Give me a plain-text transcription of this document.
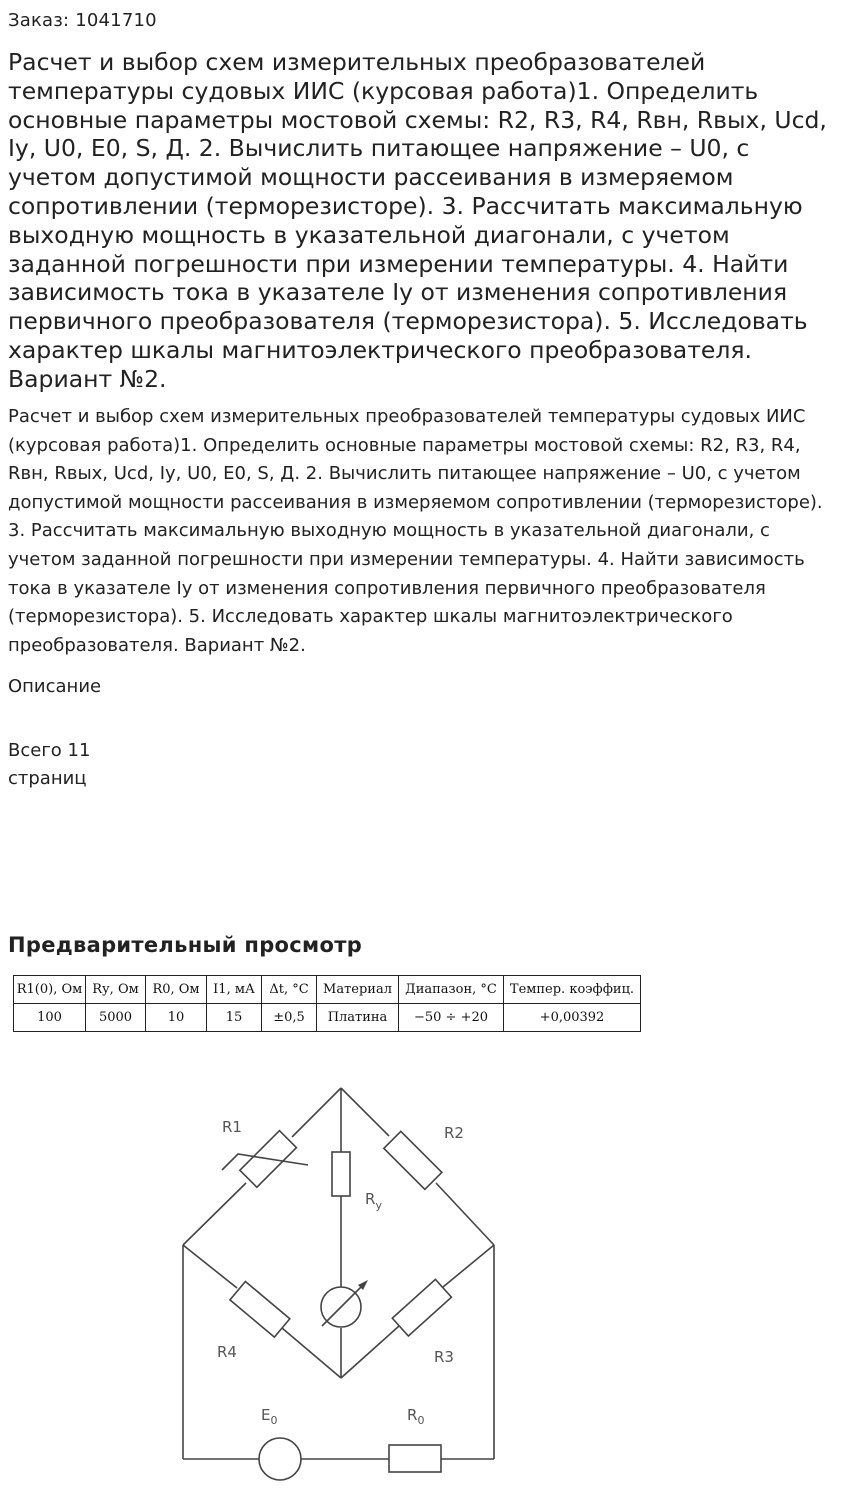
Заказ: 1041710
Расчет и выбор схем измерительных преобразователей температуры судовых ИИС (курсовая работа)1. Определить основные параметры мостовой схемы: R2, R3, R4, Rвн, Rвых, Ucd, Iу, U0, E0, S, Д. 2. Вычислить питающее напряжение – U0, с учетом допустимой мощности рассеивания в измеряемом сопротивлении (терморезисторе). 3. Рассчитать максимальную выходную мощность в указательной диагонали, с учетом заданной погрешности при измерении температуры. 4. Найти зависимость тока в указателе Iу от изменения сопротивления первичного преобразователя (терморезистора). 5. Исследовать характер шкалы магнитоэлектрического преобразователя. Вариант №2.

Расчет и выбор схем измерительных преобразователей температуры судовых ИИС (курсовая работа)1. Определить основные параметры мостовой схемы: R2, R3, R4, Rвн, Rвых, Ucd, Iу, U0, E0, S, Д. 2. Вычислить питающее напряжение – U0, с учетом допустимой мощности рассеивания в измеряемом сопротивлении (терморезисторе). 3. Рассчитать максимальную выходную мощность в указательной диагонали, с учетом заданной погрешности при измерении температуры. 4. Найти зависимость тока в указателе Iу от изменения сопротивления первичного преобразователя (терморезистора). 5. Исследовать характер шкалы магнитоэлектрического преобразователя. Вариант №2.

Описание
Всего 11
страниц
Предварительный просмотр
R1(0), Ом	Rу, Ом	R0, Ом	I1, мА	Δt, °C	Материал	Диапазон, °C	Темпер. коэффиц.
100	5000	10	15	±0,5	Платина	−50 ÷ +20	+0,00392
R1	R2
R4	R3
$R_y$
$E_0$	$R_0$
